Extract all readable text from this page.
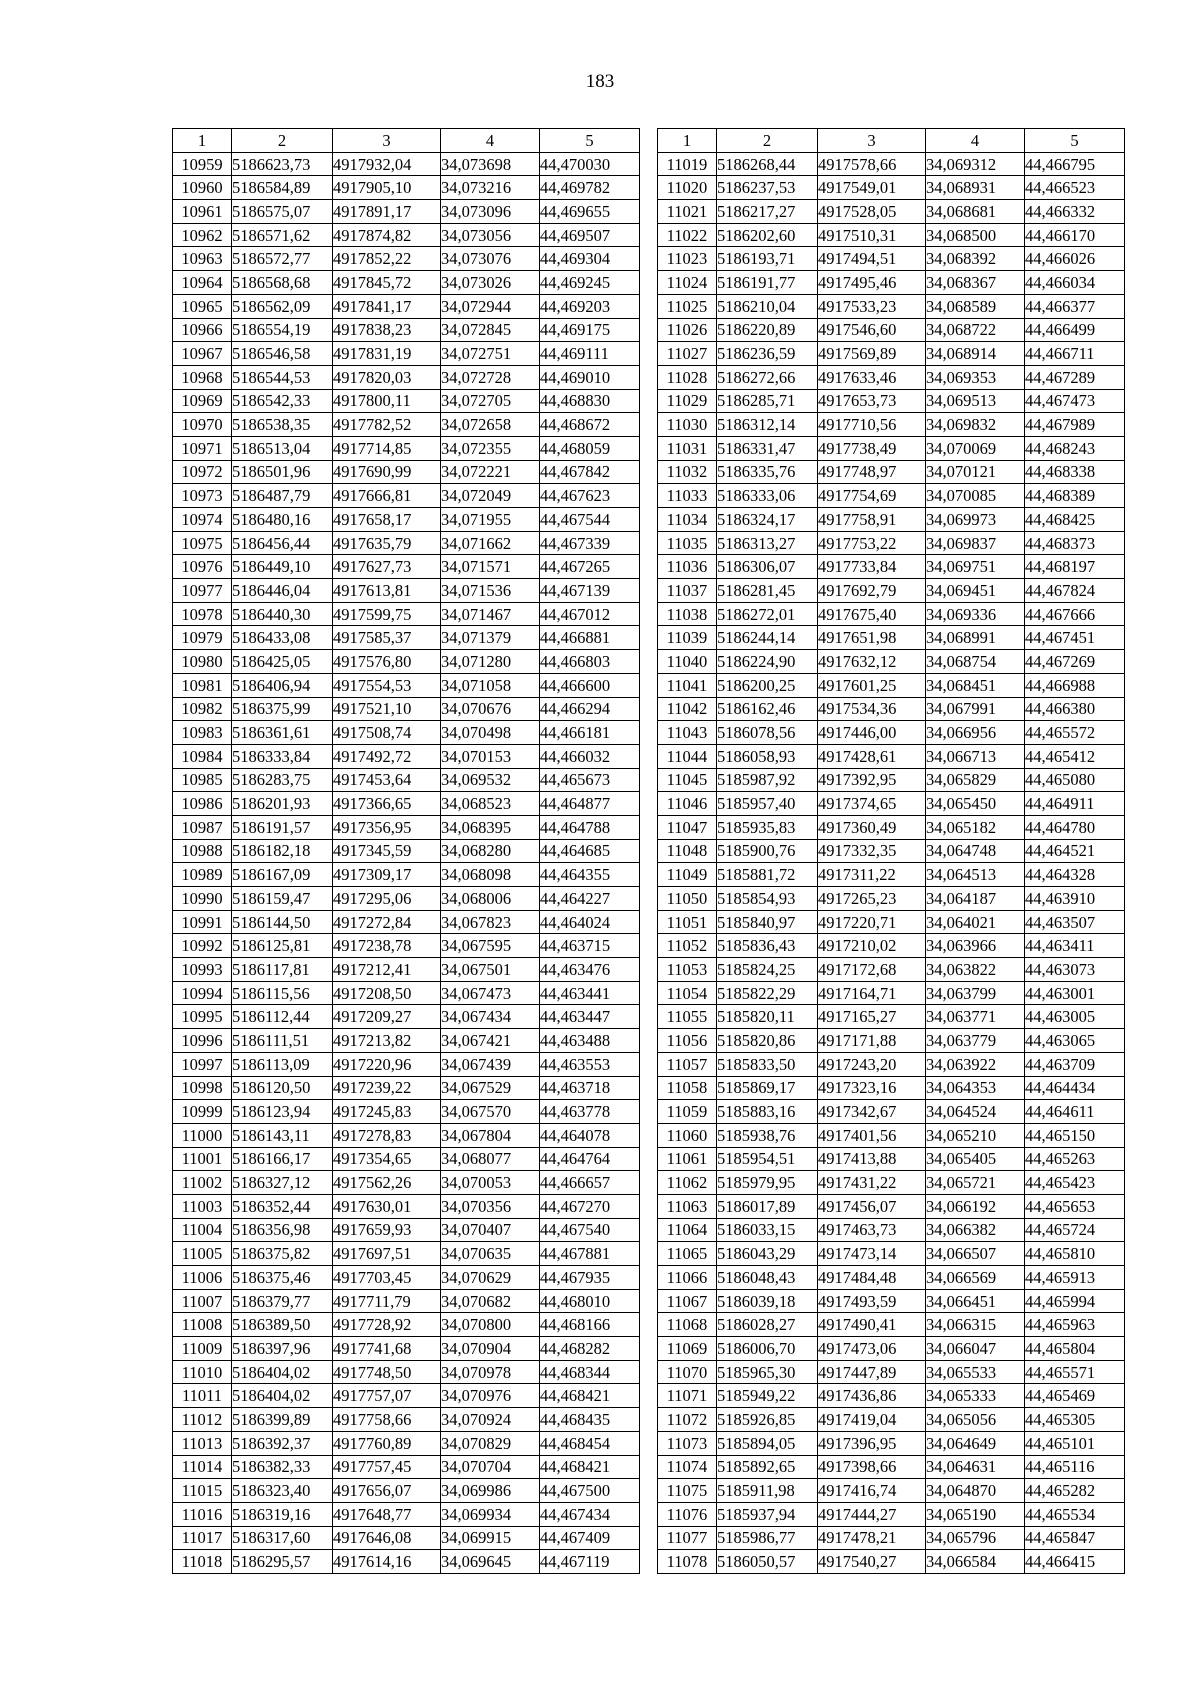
183
1	2	3	4	5
10959	5186623,73	4917932,04	34,073698	44,470030
10960	5186584,89	4917905,10	34,073216	44,469782
10961	5186575,07	4917891,17	34,073096	44,469655
10962	5186571,62	4917874,82	34,073056	44,469507
10963	5186572,77	4917852,22	34,073076	44,469304
10964	5186568,68	4917845,72	34,073026	44,469245
10965	5186562,09	4917841,17	34,072944	44,469203
10966	5186554,19	4917838,23	34,072845	44,469175
10967	5186546,58	4917831,19	34,072751	44,469111
10968	5186544,53	4917820,03	34,072728	44,469010
10969	5186542,33	4917800,11	34,072705	44,468830
10970	5186538,35	4917782,52	34,072658	44,468672
10971	5186513,04	4917714,85	34,072355	44,468059
10972	5186501,96	4917690,99	34,072221	44,467842
10973	5186487,79	4917666,81	34,072049	44,467623
10974	5186480,16	4917658,17	34,071955	44,467544
10975	5186456,44	4917635,79	34,071662	44,467339
10976	5186449,10	4917627,73	34,071571	44,467265
10977	5186446,04	4917613,81	34,071536	44,467139
10978	5186440,30	4917599,75	34,071467	44,467012
10979	5186433,08	4917585,37	34,071379	44,466881
10980	5186425,05	4917576,80	34,071280	44,466803
10981	5186406,94	4917554,53	34,071058	44,466600
10982	5186375,99	4917521,10	34,070676	44,466294
10983	5186361,61	4917508,74	34,070498	44,466181
10984	5186333,84	4917492,72	34,070153	44,466032
10985	5186283,75	4917453,64	34,069532	44,465673
10986	5186201,93	4917366,65	34,068523	44,464877
10987	5186191,57	4917356,95	34,068395	44,464788
10988	5186182,18	4917345,59	34,068280	44,464685
10989	5186167,09	4917309,17	34,068098	44,464355
10990	5186159,47	4917295,06	34,068006	44,464227
10991	5186144,50	4917272,84	34,067823	44,464024
10992	5186125,81	4917238,78	34,067595	44,463715
10993	5186117,81	4917212,41	34,067501	44,463476
10994	5186115,56	4917208,50	34,067473	44,463441
10995	5186112,44	4917209,27	34,067434	44,463447
10996	5186111,51	4917213,82	34,067421	44,463488
10997	5186113,09	4917220,96	34,067439	44,463553
10998	5186120,50	4917239,22	34,067529	44,463718
10999	5186123,94	4917245,83	34,067570	44,463778
11000	5186143,11	4917278,83	34,067804	44,464078
11001	5186166,17	4917354,65	34,068077	44,464764
11002	5186327,12	4917562,26	34,070053	44,466657
11003	5186352,44	4917630,01	34,070356	44,467270
11004	5186356,98	4917659,93	34,070407	44,467540
11005	5186375,82	4917697,51	34,070635	44,467881
11006	5186375,46	4917703,45	34,070629	44,467935
11007	5186379,77	4917711,79	34,070682	44,468010
11008	5186389,50	4917728,92	34,070800	44,468166
11009	5186397,96	4917741,68	34,070904	44,468282
11010	5186404,02	4917748,50	34,070978	44,468344
11011	5186404,02	4917757,07	34,070976	44,468421
11012	5186399,89	4917758,66	34,070924	44,468435
11013	5186392,37	4917760,89	34,070829	44,468454
11014	5186382,33	4917757,45	34,070704	44,468421
11015	5186323,40	4917656,07	34,069986	44,467500
11016	5186319,16	4917648,77	34,069934	44,467434
11017	5186317,60	4917646,08	34,069915	44,467409
11018	5186295,57	4917614,16	34,069645	44,467119
1	2	3	4	5
11019	5186268,44	4917578,66	34,069312	44,466795
11020	5186237,53	4917549,01	34,068931	44,466523
11021	5186217,27	4917528,05	34,068681	44,466332
11022	5186202,60	4917510,31	34,068500	44,466170
11023	5186193,71	4917494,51	34,068392	44,466026
11024	5186191,77	4917495,46	34,068367	44,466034
11025	5186210,04	4917533,23	34,068589	44,466377
11026	5186220,89	4917546,60	34,068722	44,466499
11027	5186236,59	4917569,89	34,068914	44,466711
11028	5186272,66	4917633,46	34,069353	44,467289
11029	5186285,71	4917653,73	34,069513	44,467473
11030	5186312,14	4917710,56	34,069832	44,467989
11031	5186331,47	4917738,49	34,070069	44,468243
11032	5186335,76	4917748,97	34,070121	44,468338
11033	5186333,06	4917754,69	34,070085	44,468389
11034	5186324,17	4917758,91	34,069973	44,468425
11035	5186313,27	4917753,22	34,069837	44,468373
11036	5186306,07	4917733,84	34,069751	44,468197
11037	5186281,45	4917692,79	34,069451	44,467824
11038	5186272,01	4917675,40	34,069336	44,467666
11039	5186244,14	4917651,98	34,068991	44,467451
11040	5186224,90	4917632,12	34,068754	44,467269
11041	5186200,25	4917601,25	34,068451	44,466988
11042	5186162,46	4917534,36	34,067991	44,466380
11043	5186078,56	4917446,00	34,066956	44,465572
11044	5186058,93	4917428,61	34,066713	44,465412
11045	5185987,92	4917392,95	34,065829	44,465080
11046	5185957,40	4917374,65	34,065450	44,464911
11047	5185935,83	4917360,49	34,065182	44,464780
11048	5185900,76	4917332,35	34,064748	44,464521
11049	5185881,72	4917311,22	34,064513	44,464328
11050	5185854,93	4917265,23	34,064187	44,463910
11051	5185840,97	4917220,71	34,064021	44,463507
11052	5185836,43	4917210,02	34,063966	44,463411
11053	5185824,25	4917172,68	34,063822	44,463073
11054	5185822,29	4917164,71	34,063799	44,463001
11055	5185820,11	4917165,27	34,063771	44,463005
11056	5185820,86	4917171,88	34,063779	44,463065
11057	5185833,50	4917243,20	34,063922	44,463709
11058	5185869,17	4917323,16	34,064353	44,464434
11059	5185883,16	4917342,67	34,064524	44,464611
11060	5185938,76	4917401,56	34,065210	44,465150
11061	5185954,51	4917413,88	34,065405	44,465263
11062	5185979,95	4917431,22	34,065721	44,465423
11063	5186017,89	4917456,07	34,066192	44,465653
11064	5186033,15	4917463,73	34,066382	44,465724
11065	5186043,29	4917473,14	34,066507	44,465810
11066	5186048,43	4917484,48	34,066569	44,465913
11067	5186039,18	4917493,59	34,066451	44,465994
11068	5186028,27	4917490,41	34,066315	44,465963
11069	5186006,70	4917473,06	34,066047	44,465804
11070	5185965,30	4917447,89	34,065533	44,465571
11071	5185949,22	4917436,86	34,065333	44,465469
11072	5185926,85	4917419,04	34,065056	44,465305
11073	5185894,05	4917396,95	34,064649	44,465101
11074	5185892,65	4917398,66	34,064631	44,465116
11075	5185911,98	4917416,74	34,064870	44,465282
11076	5185937,94	4917444,27	34,065190	44,465534
11077	5185986,77	4917478,21	34,065796	44,465847
11078	5186050,57	4917540,27	34,066584	44,466415
